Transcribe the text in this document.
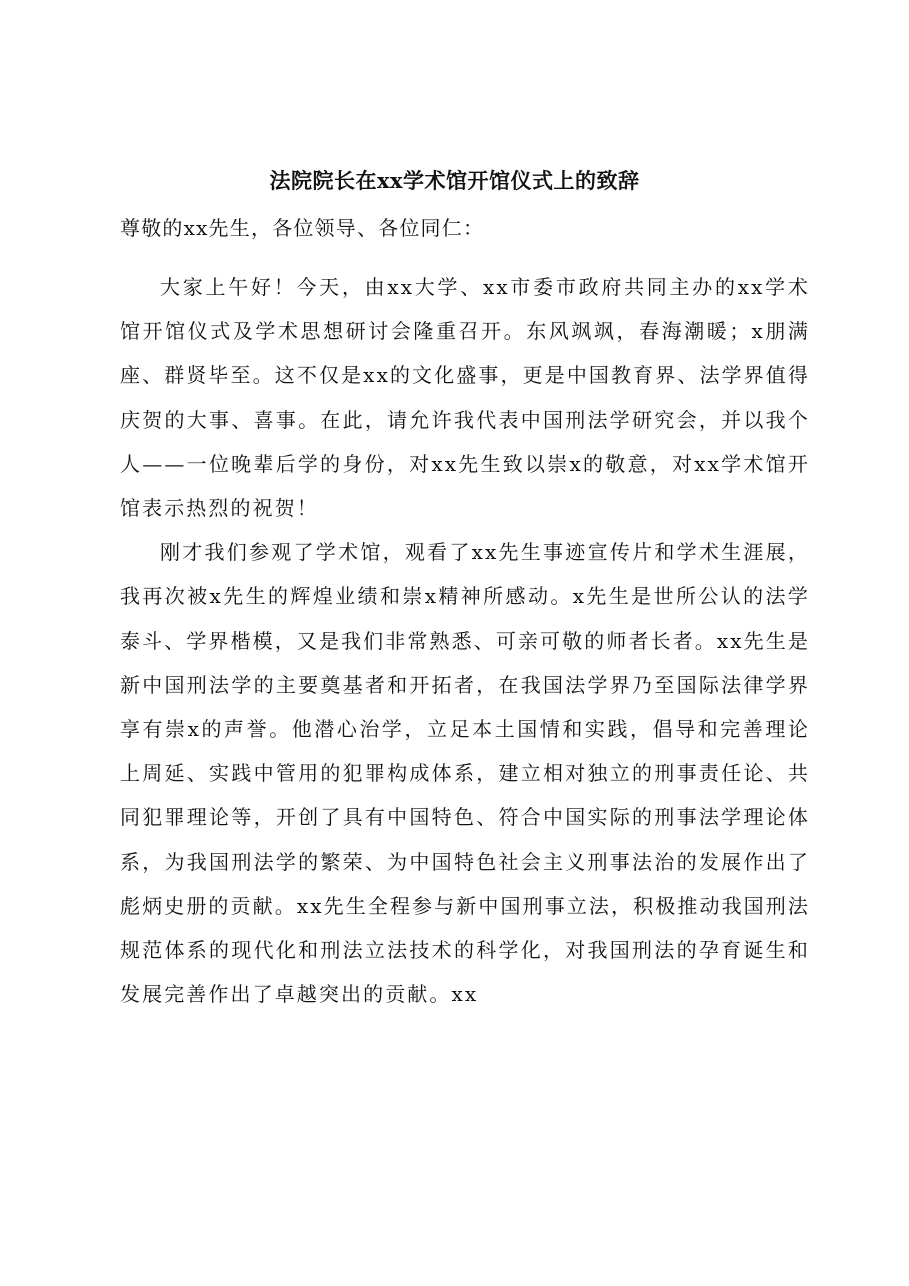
法院院长在xx学术馆开馆仪式上的致辞

尊敬的xx先生，各位领导、各位同仁：

大家上午好！今天，由xx大学、xx市委市政府共同主办的xx学术馆开馆仪式及学术思想研讨会隆重召开。东风飒飒，春海潮暖；x朋满座、群贤毕至。这不仅是xx的文化盛事，更是中国教育界、法学界值得庆贺的大事、喜事。在此，请允许我代表中国刑法学研究会，并以我个人——一位晚辈后学的身份，对xx先生致以崇x的敬意，对xx学术馆开馆表示热烈的祝贺！

刚才我们参观了学术馆，观看了xx先生事迹宣传片和学术生涯展，我再次被x先生的辉煌业绩和崇x精神所感动。x先生是世所公认的法学泰斗、学界楷模，又是我们非常熟悉、可亲可敬的师者长者。xx先生是新中国刑法学的主要奠基者和开拓者，在我国法学界乃至国际法律学界享有崇x的声誉。他潜心治学，立足本土国情和实践，倡导和完善理论上周延、实践中管用的犯罪构成体系，建立相对独立的刑事责任论、共同犯罪理论等，开创了具有中国特色、符合中国实际的刑事法学理论体系，为我国刑法学的繁荣、为中国特色社会主义刑事法治的发展作出了彪炳史册的贡献。xx先生全程参与新中国刑事立法，积极推动我国刑法规范体系的现代化和刑法立法技术的科学化，对我国刑法的孕育诞生和发展完善作出了卓越突出的贡献。xx
